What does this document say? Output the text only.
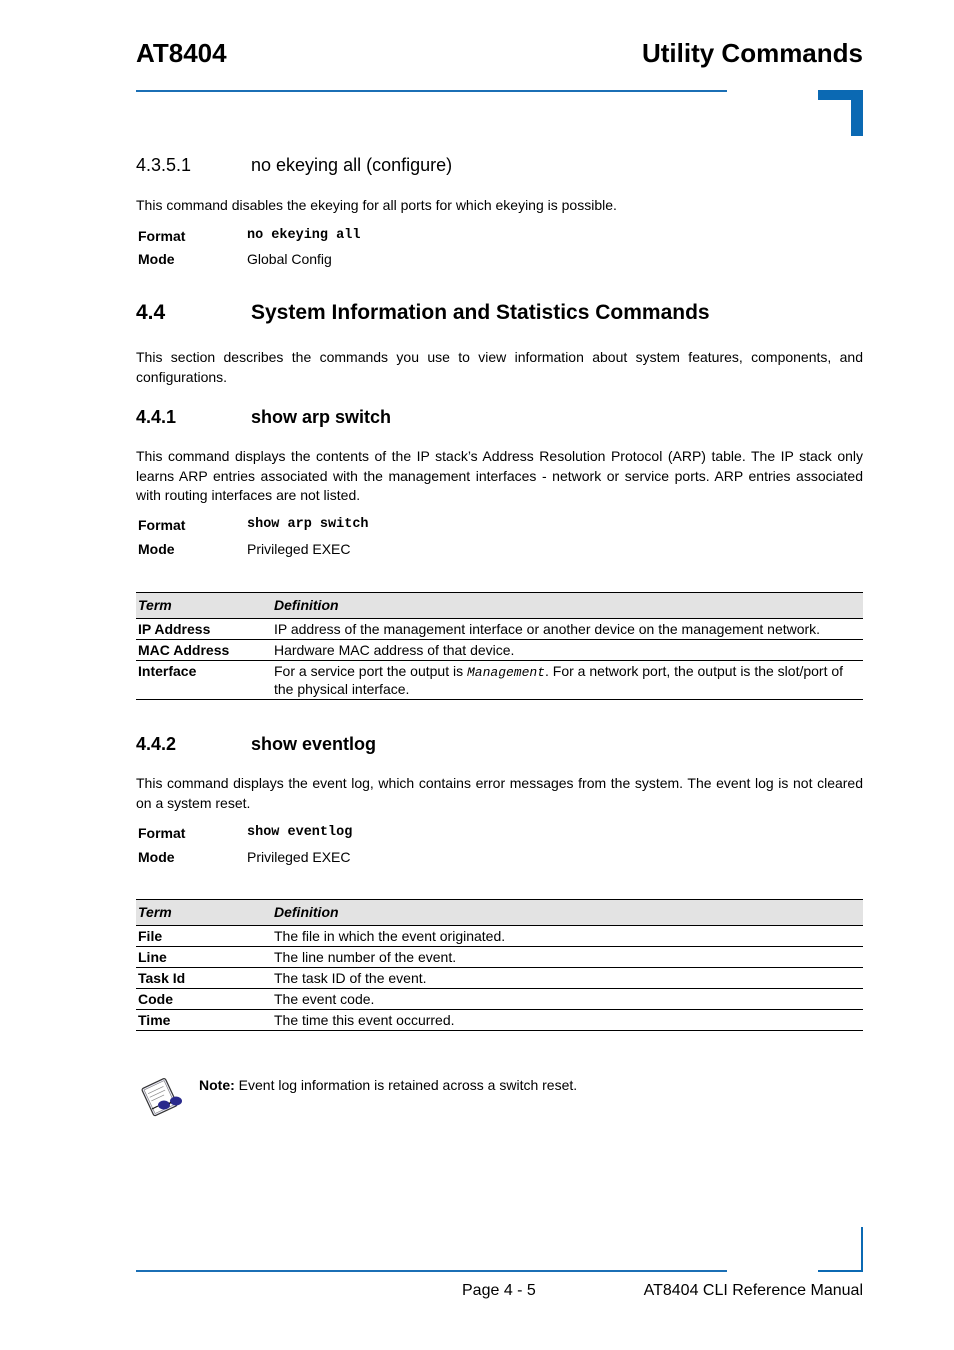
AT8404	Utility Commands
4.3.5.1	no ekeying all (configure)
This command disables the ekeying for all ports for which ekeying is possible.
Format	no ekeying all
Mode	Global Config
4.4	System Information and Statistics Commands
This section describes the commands you use to view information about system features, components, and configurations.
4.4.1	show arp switch
This command displays the contents of the IP stack’s Address Resolution Protocol (ARP) table. The IP stack only learns ARP entries associated with the management interfaces - network or service ports. ARP entries associated with routing interfaces are not listed.
Format	show arp switch
Mode	Privileged EXEC
Term	Definition
IP Address	IP address of the management interface or another device on the management network.
MAC Address	Hardware MAC address of that device.
Interface	For a service port the output is Management. For a network port, the output is the slot/port of the physical interface.
4.4.2	show eventlog
This command displays the event log, which contains error messages from the system. The event log is not cleared on a system reset.
Format	show eventlog
Mode	Privileged EXEC
Term	Definition
File	The file in which the event originated.
Line	The line number of the event.
Task Id	The task ID of the event.
Code	The event code.
Time	The time this event occurred.
Note: Event log information is retained across a switch reset.
Page 4 - 5	AT8404 CLI Reference Manual
